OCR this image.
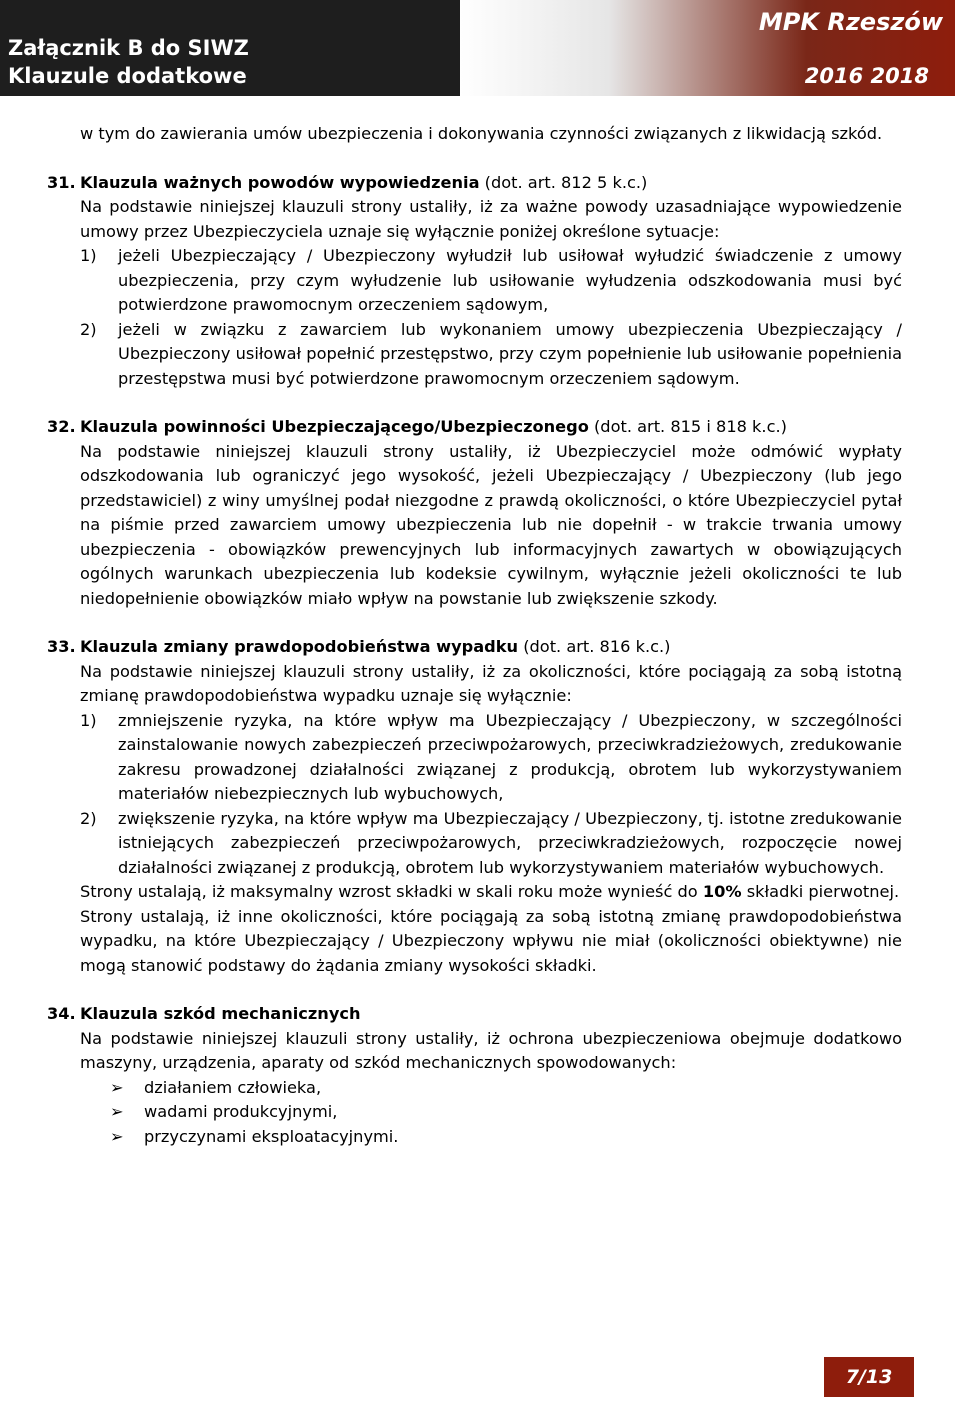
Załącznik B do SIWZ
Klauzule dodatkowe
MPK Rzeszów
2016 2018

w tym do zawierania umów ubezpieczenia i dokonywania czynności związanych z likwidacją szkód.

31. Klauzula ważnych powodów wypowiedzenia (dot. art. 812 5 k.c.)

Na podstawie niniejszej klauzuli strony ustaliły, iż za ważne powody uzasadniające wypowiedzenie umowy przez Ubezpieczyciela uznaje się wyłącznie poniżej określone sytuacje:

1) jeżeli Ubezpieczający / Ubezpieczony wyłudził lub usiłował wyłudzić świadczenie z umowy ubezpieczenia, przy czym wyłudzenie lub usiłowanie wyłudzenia odszkodowania musi być potwierdzone prawomocnym orzeczeniem sądowym,
2) jeżeli w związku z zawarciem lub wykonaniem umowy ubezpieczenia Ubezpieczający / Ubezpieczony usiłował popełnić przestępstwo, przy czym popełnienie lub usiłowanie popełnienia przestępstwa musi być potwierdzone prawomocnym orzeczeniem sądowym.
32. Klauzula powinności Ubezpieczającego/Ubezpieczonego (dot. art. 815 i 818 k.c.)

Na podstawie niniejszej klauzuli strony ustaliły, iż Ubezpieczyciel może odmówić wypłaty odszkodowania lub ograniczyć jego wysokość, jeżeli Ubezpieczający / Ubezpieczony (lub jego przedstawiciel) z winy umyślnej podał niezgodne z prawdą okoliczności, o które Ubezpieczyciel pytał na piśmie przed zawarciem umowy ubezpieczenia lub nie dopełnił - w trakcie trwania umowy ubezpieczenia - obowiązków prewencyjnych lub informacyjnych zawartych w obowiązujących ogólnych warunkach ubezpieczenia lub kodeksie cywilnym, wyłącznie jeżeli okoliczności te lub niedopełnienie obowiązków miało wpływ na powstanie lub zwiększenie szkody.

33. Klauzula zmiany prawdopodobieństwa wypadku (dot. art. 816 k.c.)

Na podstawie niniejszej klauzuli strony ustaliły, iż za okoliczności, które pociągają za sobą istotną zmianę prawdopodobieństwa wypadku uznaje się wyłącznie:

1) zmniejszenie ryzyka, na które wpływ ma Ubezpieczający / Ubezpieczony, w szczególności zainstalowanie nowych zabezpieczeń przeciwpożarowych, przeciwkradzieżowych, zredukowanie zakresu prowadzonej działalności związanej z produkcją, obrotem lub wykorzystywaniem materiałów niebezpiecznych lub wybuchowych,
2) zwiększenie ryzyka, na które wpływ ma Ubezpieczający / Ubezpieczony, tj. istotne zredukowanie istniejących zabezpieczeń przeciwpożarowych, przeciwkradzieżowych, rozpoczęcie nowej działalności związanej z produkcją, obrotem lub wykorzystywaniem materiałów wybuchowych.

Strony ustalają, iż maksymalny wzrost składki w skali roku może wynieść do 10% składki pierwotnej.

Strony ustalają, iż inne okoliczności, które pociągają za sobą istotną zmianę prawdopodobieństwa wypadku, na które Ubezpieczający / Ubezpieczony wpływu nie miał (okoliczności obiektywne) nie mogą stanowić podstawy do żądania zmiany wysokości składki.

34. Klauzula szkód mechanicznych

Na podstawie niniejszej klauzuli strony ustaliły, iż ochrona ubezpieczeniowa obejmuje dodatkowo maszyny, urządzenia, aparaty od szkód mechanicznych spowodowanych:

➢ działaniem człowieka,
➢ wadami produkcyjnymi,
➢ przyczynami eksploatacyjnymi.
7/13
